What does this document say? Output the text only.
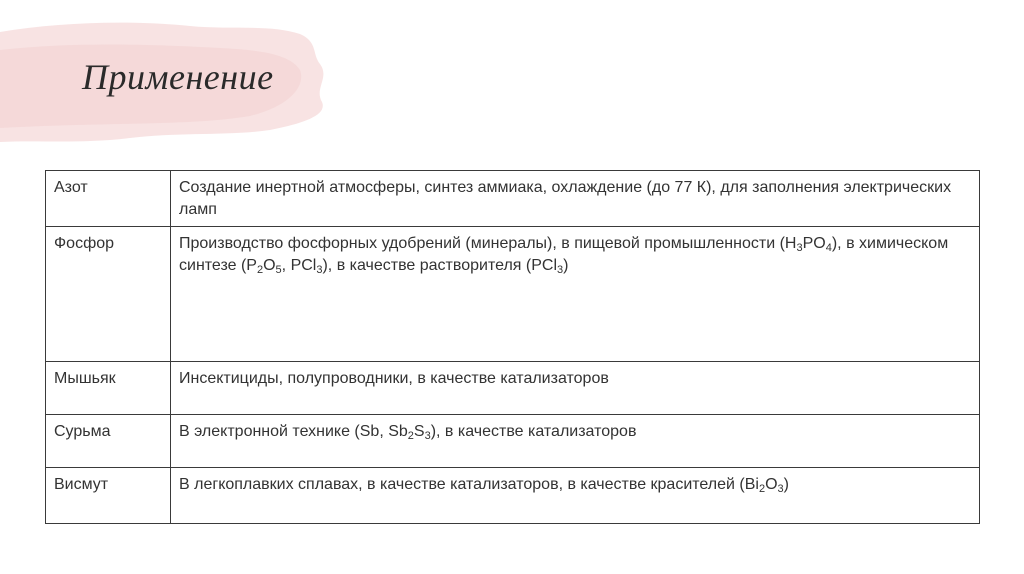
Применение
Азот	Создание инертной атмосферы, синтез аммиака, охлаждение (до 77 К), для заполнения электрических ламп
Фосфор	Производство фосфорных удобрений (минералы), в пищевой промышленности $(H_3PO_4)$, в химическом синтезе ($P_2O_5$, PCl$_3$), в качестве растворителя (PCl$_3$)
Мышьяк	Инсектициды, полупроводники, в качестве катализаторов
Сурьма	В электронной технике (Sb, $Sb_2S_3$), в качестве катализаторов
Висмут	В легкоплавких сплавах, в качестве катализаторов, в качестве красителей $(Bi_2O_3)$
